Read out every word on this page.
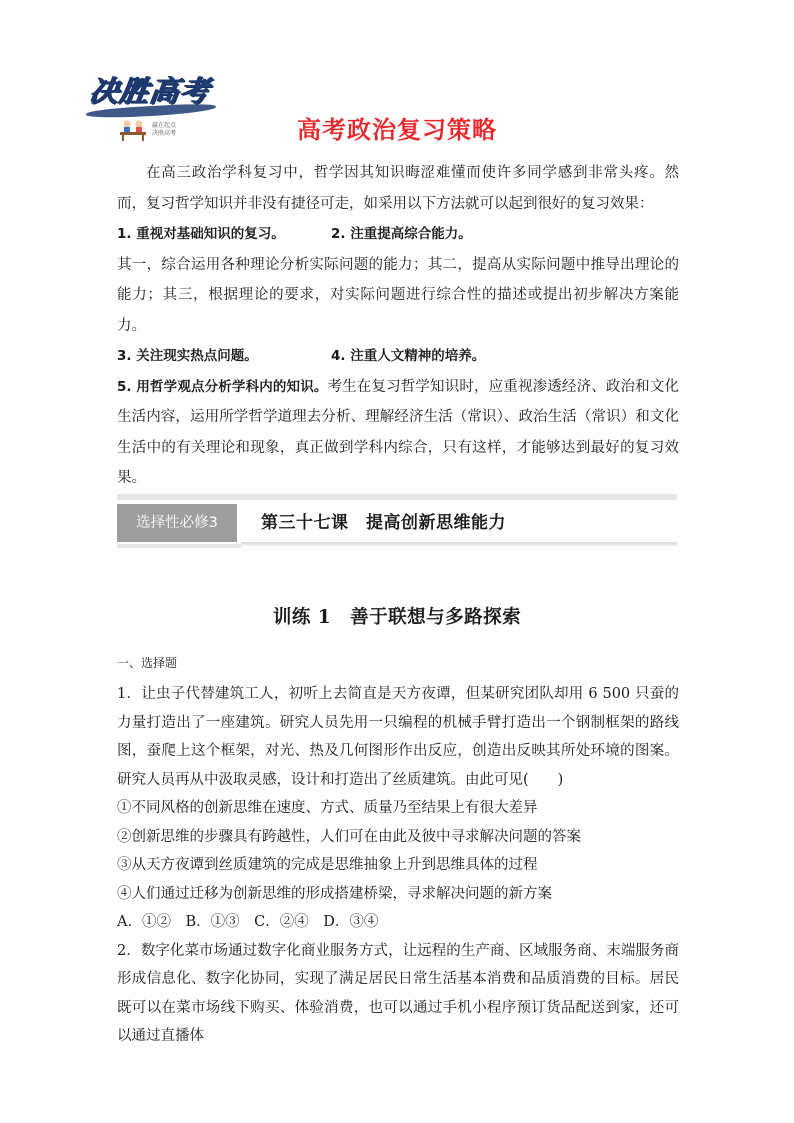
决胜高考
赢在起点
决胜高考	高考政治复习策略

在高三政治学科复习中，哲学因其知识晦涩难懂而使许多同学感到非常头疼。然而，复习哲学知识并非没有捷径可走，如采用以下方法就可以起到很好的复习效果：

1. 重视对基础知识的复习。	2. 注重提高综合能力。

其一，综合运用各种理论分析实际问题的能力；其二，提高从实际问题中推导出理论的能力；其三，根据理论的要求，对实际问题进行综合性的描述或提出初步解决方案能力。

3. 关注现实热点问题。	4. 注重人文精神的培养。

5. 用哲学观点分析学科内的知识。考生在复习哲学知识时，应重视渗透经济、政治和文化生活内容，运用所学哲学道理去分析、理解经济生活（常识）、政治生活（常识）和文化生活中的有关理论和现象，真正做到学科内综合，只有这样，才能够达到最好的复习效果。

选择性必修3	第三十七课　提高创新思维能力
训练 1　善于联想与多路探索
一、选择题

1．让虫子代替建筑工人，初听上去简直是天方夜谭，但某研究团队却用 6 500 只蚕的力量打造出了一座建筑。研究人员先用一只编程的机械手臂打造出一个钢制框架的路线图，蚕爬上这个框架，对光、热及几何图形作出反应，创造出反映其所处环境的图案。研究人员再从中汲取灵感，设计和打造出了丝质建筑。由此可见(　　)

①不同风格的创新思维在速度、方式、质量乃至结果上有很大差异

②创新思维的步骤具有跨越性，人们可在由此及彼中寻求解决问题的答案

③从天方夜谭到丝质建筑的完成是思维抽象上升到思维具体的过程

④人们通过迁移为创新思维的形成搭建桥梁，寻求解决问题的新方案

A．①②　B．①③　C．②④　D．③④

2．数字化菜市场通过数字化商业服务方式，让远程的生产商、区域服务商、末端服务商形成信息化、数字化协同，实现了满足居民日常生活基本消费和品质消费的目标。居民既可以在菜市场线下购买、体验消费，也可以通过手机小程序预订货品配送到家，还可以通过直播体
